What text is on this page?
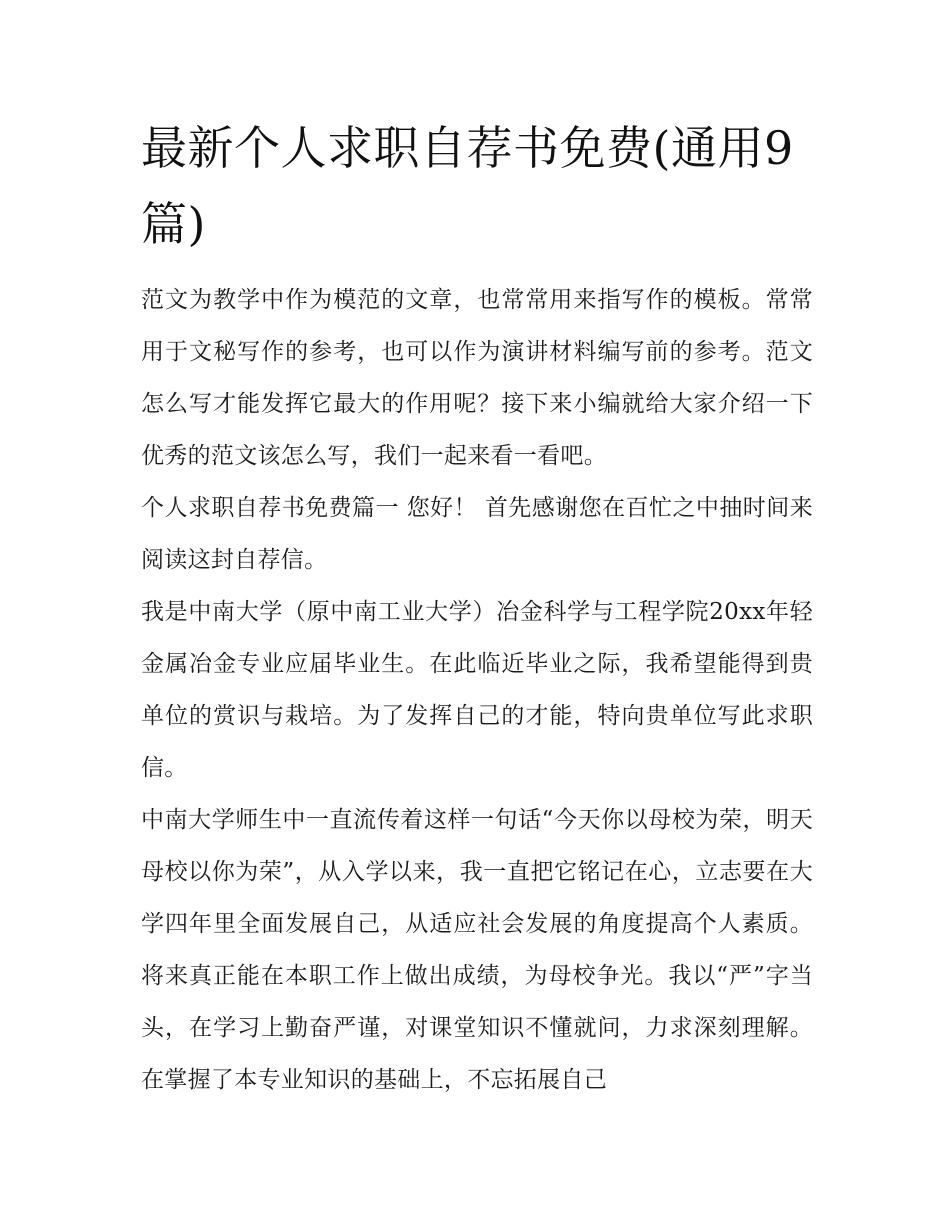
最新个人求职自荐书免费(通用9篇)

范文为教学中作为模范的文章，也常常用来指写作的模板。常常用于文秘写作的参考，也可以作为演讲材料编写前的参考。范文怎么写才能发挥它最大的作用呢？接下来小编就给大家介绍一下优秀的范文该怎么写，我们一起来看一看吧。

个人求职自荐书免费篇一 您好！ 首先感谢您在百忙之中抽时间来阅读这封自荐信。

我是中南大学（原中南工业大学）冶金科学与工程学院20xx年轻金属冶金专业应届毕业生。在此临近毕业之际，我希望能得到贵单位的赏识与栽培。为了发挥自己的才能，特向贵单位写此求职信。

中南大学师生中一直流传着这样一句话“今天你以母校为荣，明天母校以你为荣”，从入学以来，我一直把它铭记在心，立志要在大学四年里全面发展自己，从适应社会发展的角度提高个人素质。将来真正能在本职工作上做出成绩，为母校争光。我以“严”字当头，在学习上勤奋严谨，对课堂知识不懂就问，力求深刻理解。在掌握了本专业知识的基础上，不忘拓展自己
